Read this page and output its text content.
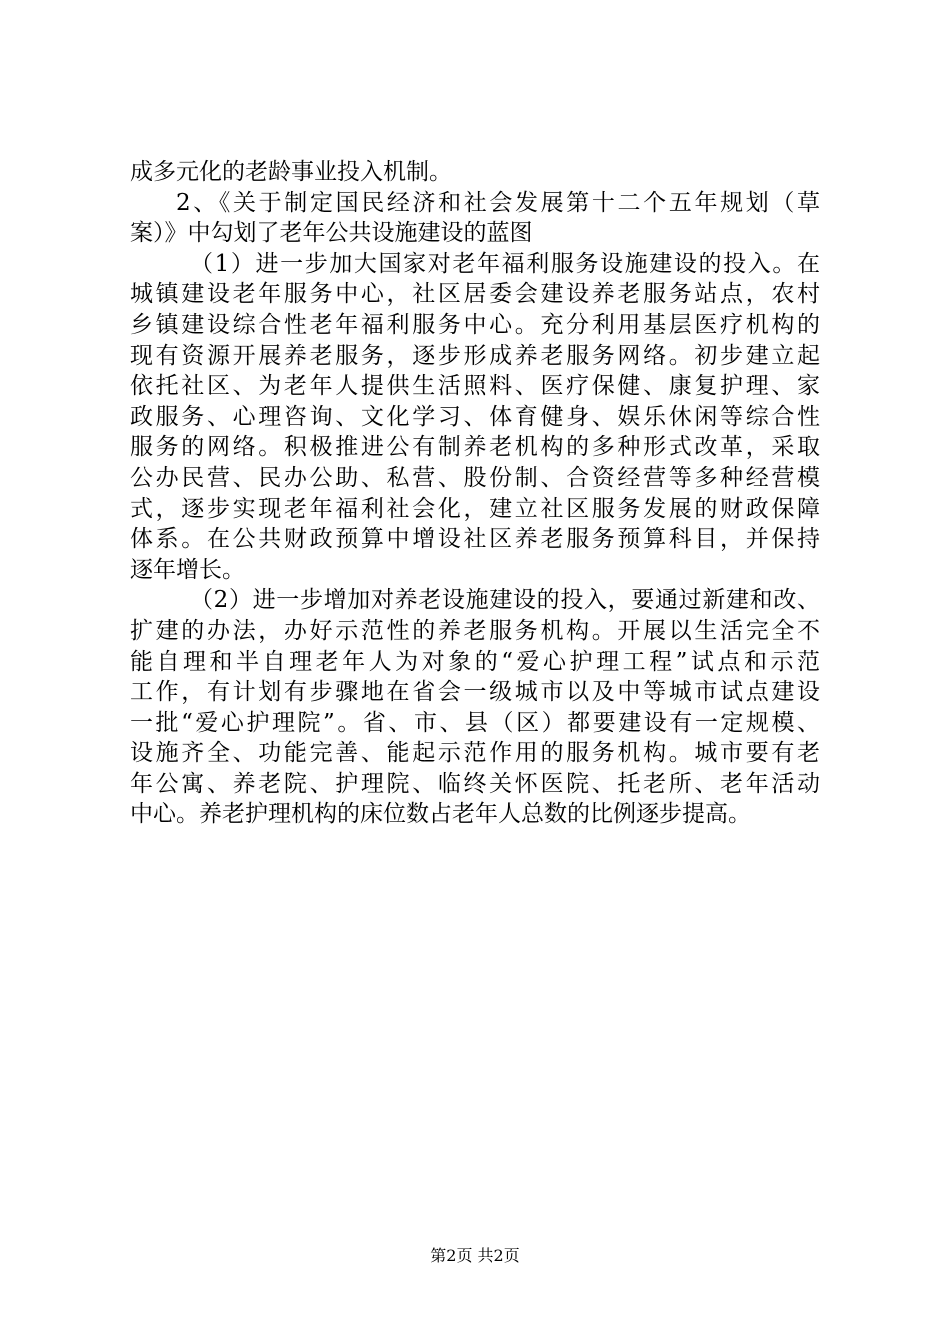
成多元化的老龄事业投入机制。
2、《关于制定国民经济和社会发展第十二个五年规划（草
案）》中勾划了老年公共设施建设的蓝图
（1）进一步加大国家对老年福利服务设施建设的投入。在
城镇建设老年服务中心，社区居委会建设养老服务站点，农村
乡镇建设综合性老年福利服务中心。充分利用基层医疗机构的
现有资源开展养老服务，逐步形成养老服务网络。初步建立起
依托社区、为老年人提供生活照料、医疗保健、康复护理、家
政服务、心理咨询、文化学习、体育健身、娱乐休闲等综合性
服务的网络。积极推进公有制养老机构的多种形式改革，采取
公办民营、民办公助、私营、股份制、合资经营等多种经营模
式，逐步实现老年福利社会化，建立社区服务发展的财政保障
体系。在公共财政预算中增设社区养老服务预算科目，并保持
逐年增长。
（2）进一步增加对养老设施建设的投入，要通过新建和改、
扩建的办法，办好示范性的养老服务机构。开展以生活完全不
能自理和半自理老年人为对象的“爱心护理工程”试点和示范
工作，有计划有步骤地在省会一级城市以及中等城市试点建设
一批“爱心护理院”。省、市、县（区）都要建设有一定规模、
设施齐全、功能完善、能起示范作用的服务机构。城市要有老
年公寓、养老院、护理院、临终关怀医院、托老所、老年活动
中心。养老护理机构的床位数占老年人总数的比例逐步提高。
第2页 共2页
